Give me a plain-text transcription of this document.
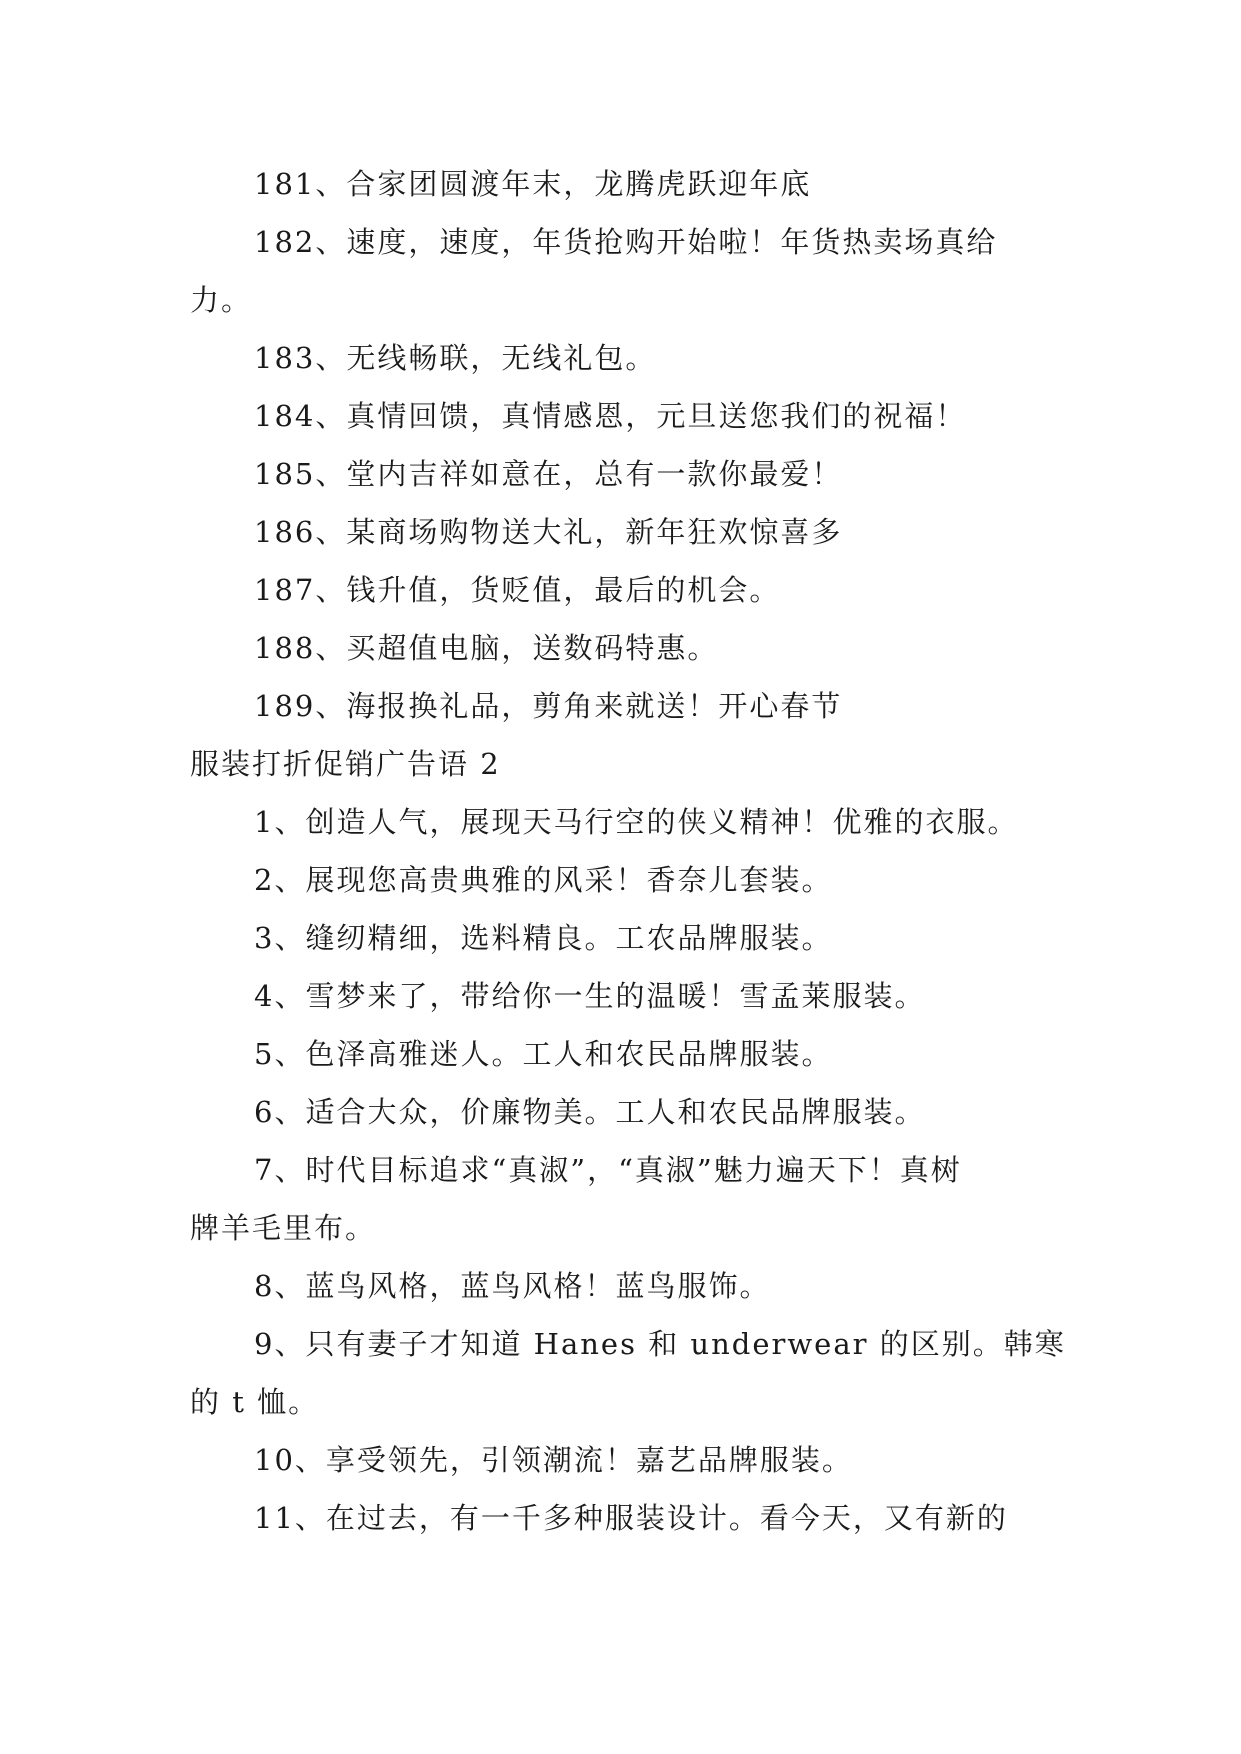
181、合家团圆渡年末，龙腾虎跃迎年底
182、速度，速度，年货抢购开始啦！年货热卖场真给
力。
183、无线畅联，无线礼包。
184、真情回馈，真情感恩，元旦送您我们的祝福！
185、堂内吉祥如意在，总有一款你最爱！
186、某商场购物送大礼，新年狂欢惊喜多
187、钱升值，货贬值，最后的机会。
188、买超值电脑，送数码特惠。
189、海报换礼品，剪角来就送！开心春节
服装打折促销广告语 2
1、创造人气，展现天马行空的侠义精神！优雅的衣服。
2、展现您高贵典雅的风采！香奈儿套装。
3、缝纫精细，选料精良。工农品牌服装。
4、雪梦来了，带给你一生的温暖！雪孟莱服装。
5、色泽高雅迷人。工人和农民品牌服装。
6、适合大众，价廉物美。工人和农民品牌服装。
7、时代目标追求“真淑”，“真淑”魅力遍天下！真树
牌羊毛里布。
8、蓝鸟风格，蓝鸟风格！蓝鸟服饰。
9、只有妻子才知道 Hanes 和 underwear 的区别。韩寒
的 t 恤。
10、享受领先，引领潮流！嘉艺品牌服装。
11、在过去，有一千多种服装设计。看今天，又有新的
